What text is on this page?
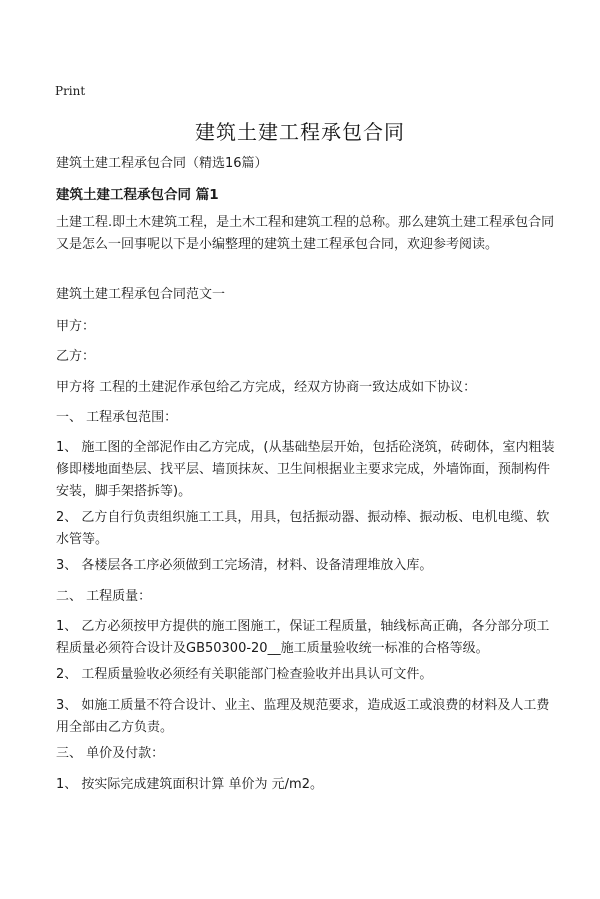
Print
建筑土建工程承包合同
建筑土建工程承包合同（精选16篇）
建筑土建工程承包合同 篇1
土建工程.即土木建筑工程，是土木工程和建筑工程的总称。那么建筑土建工程承包合同又是怎么一回事呢以下是小编整理的建筑土建工程承包合同，欢迎参考阅读。
建筑土建工程承包合同范文一
甲方：
乙方：
甲方将 工程的土建泥作承包给乙方完成，经双方协商一致达成如下协议：
一、 工程承包范围：
1、 施工图的全部泥作由乙方完成，(从基础垫层开始，包括砼浇筑，砖砌体，室内粗装修即楼地面垫层、找平层、墙顶抹灰、卫生间根据业主要求完成，外墙饰面，预制构件安装，脚手架搭拆等)。
2、 乙方自行负责组织施工工具，用具，包括振动器、振动棒、振动板、电机电缆、软水管等。
3、 各楼层各工序必须做到工完场清，材料、设备清理堆放入库。
二、 工程质量：
1、 乙方必须按甲方提供的施工图施工，保证工程质量，轴线标高正确，各分部分项工程质量必须符合设计及GB50300-20__施工质量验收统一标准的合格等级。
2、 工程质量验收必须经有关职能部门检查验收并出具认可文件。
3、 如施工质量不符合设计、业主、监理及规范要求，造成返工或浪费的材料及人工费用全部由乙方负责。
三、 单价及付款：
1、 按实际完成建筑面积计算 单价为 元/m2。
